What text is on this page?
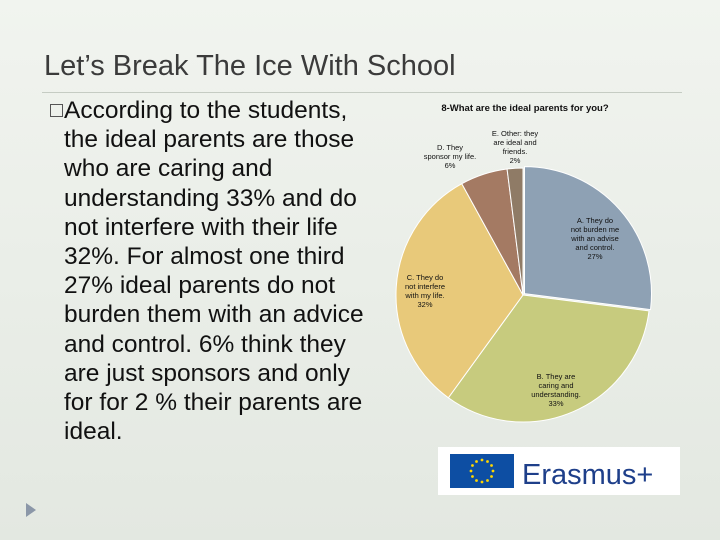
Let’s Break The Ice With School
According to the students, the ideal parents are those who are caring and understanding 33% and do not interfere with their life 32%. For almost one third 27% ideal parents do not burden them with an advice and control. 6% think they are just sponsors and only for for 2 % their parents are ideal.
8-What are the ideal parents for you?
A. They do not burden me with an advise and control. 27%
B. They are caring and understanding. 33%
C. They do not interfere with my life. 32%
D. They sponsor my life. 6%
E. Other: they are ideal and friends. 2%
Erasmus+
